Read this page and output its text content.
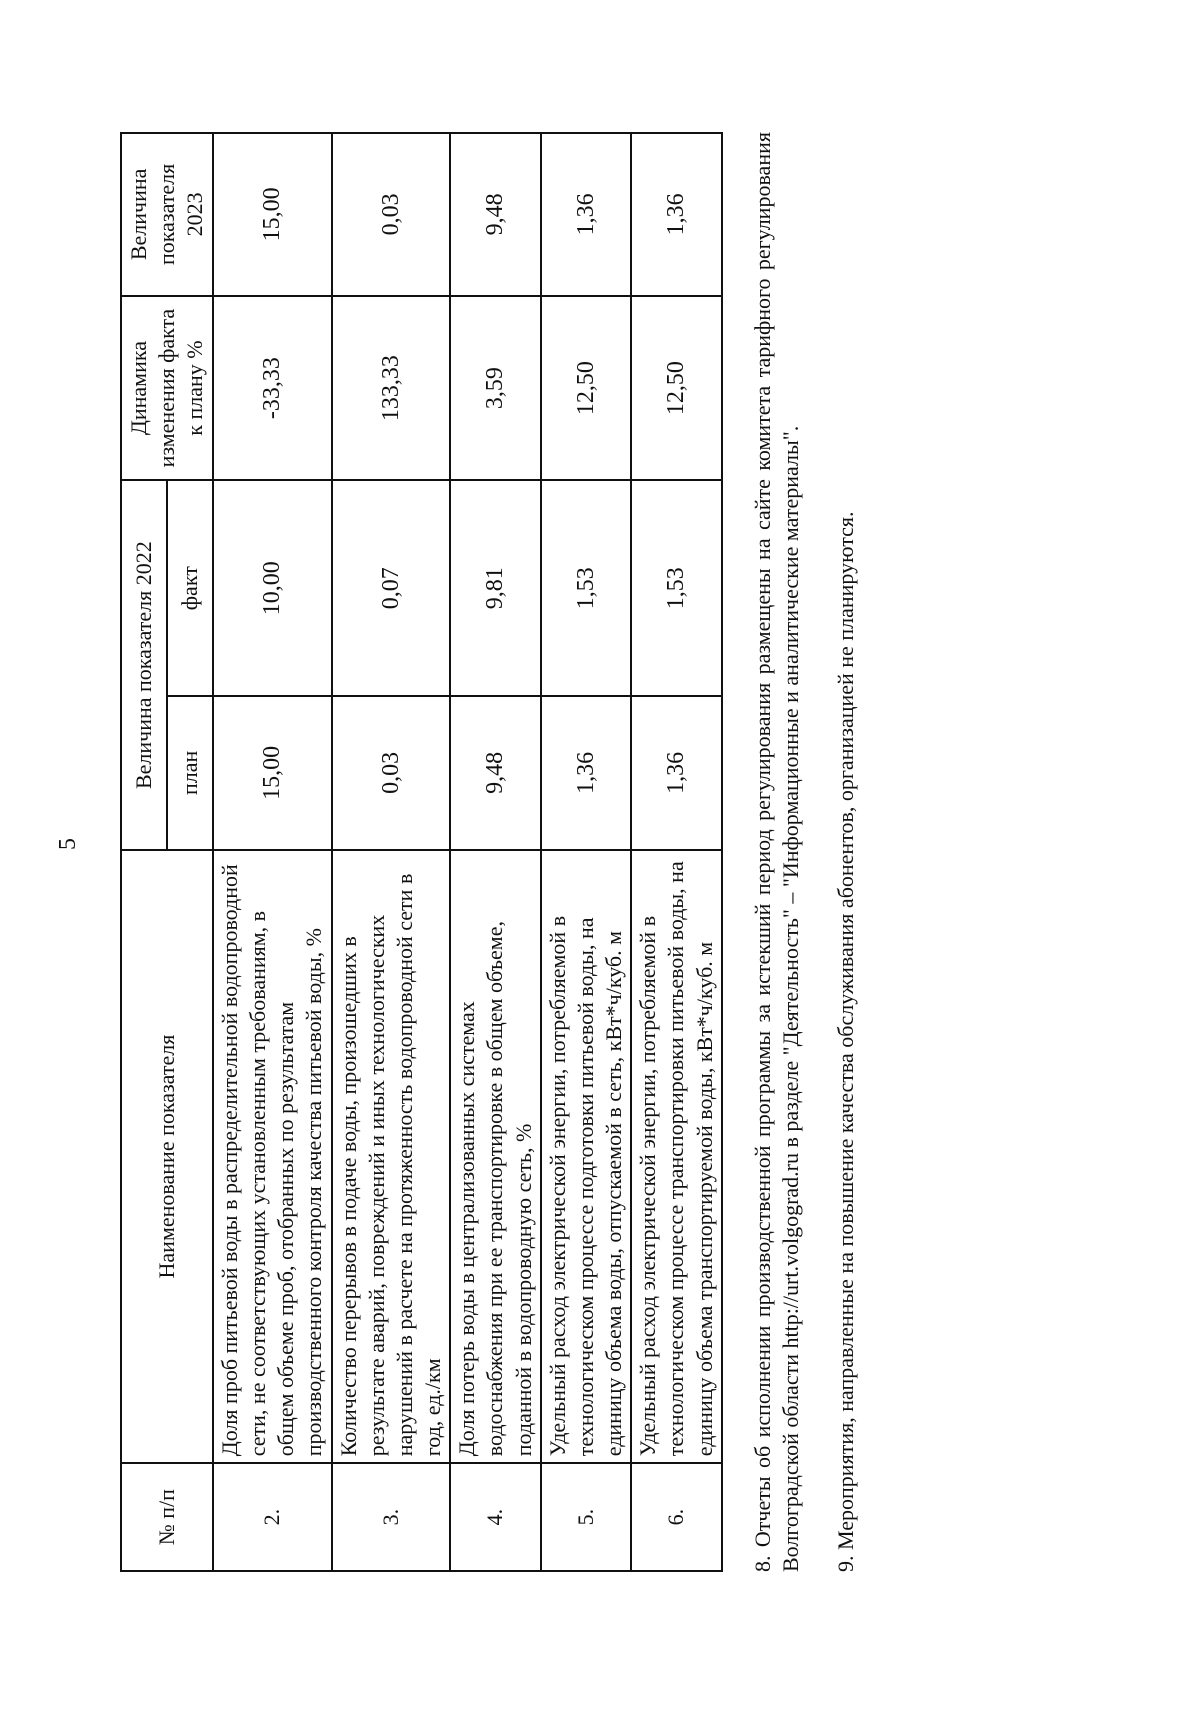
5
№ п/п	Наименование показателя	Величина показателя 2022		Динамика изменения факта к плану %	Величина показателя 2023
		план	факт		
2.	Доля проб питьевой воды в распределительной водопроводной сети, не соответствующих установленным требованиям, в общем объеме проб, отобранных по результатам производственного контроля качества питьевой воды, %	15,00	10,00	-33,33	15,00
3.	Количество перерывов в подаче воды, произошедших в результате аварий, повреждений и иных технологических нарушений в расчете на протяженность водопроводной сети в год, ед./км	0,03	0,07	133,33	0,03
4.	Доля потерь воды в централизованных системах водоснабжения при ее транспортировке в общем объеме, поданной в водопроводную сеть, %	9,48	9,81	3,59	9,48
5.	Удельный расход электрической энергии, потребляемой в технологическом процессе подготовки питьевой воды, на единицу объема воды, отпускаемой в сеть, кВт*ч/куб. м	1,36	1,53	12,50	1,36
6.	Удельный расход электрической энергии, потребляемой в технологическом процессе транспортировки питьевой воды, на единицу объема транспортируемой воды, кВт*ч/куб. м	1,36	1,53	12,50	1,36	8. Отчеты об исполнении производственной программы за истекший период регулирования размещены на сайте комитета тарифного регулирования Волгоградской области http://urt.volgograd.ru в разделе "Деятельность" – "Информационные и аналитические материалы". 9. Мероприятия, направленные на повышение качества обслуживания абонентов, организацией не планируются.
